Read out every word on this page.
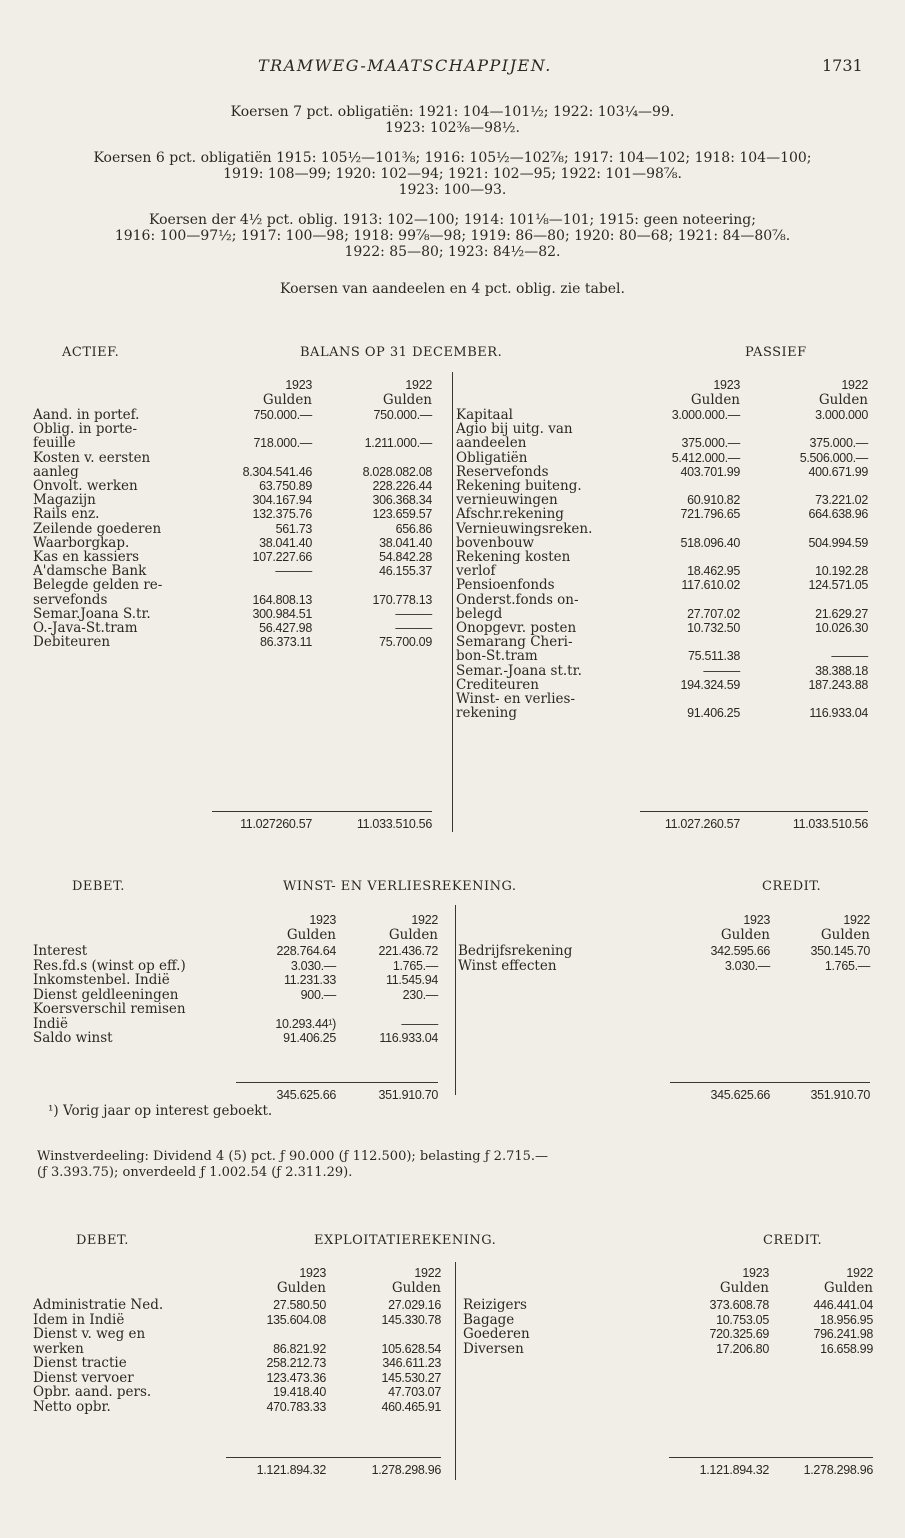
TRAMWEG-MAATSCHAPPIJEN.	1731
Koersen 7 pct. obligatiën: 1921: 104—101½; 1922: 103¼—99.
1923: 102⅜—98½.
Koersen 6 pct. obligatiën 1915: 105½—101⅜; 1916: 105½—102⅞; 1917: 104—102; 1918: 104—100;
1919: 108—99; 1920: 102—94; 1921: 102—95; 1922: 101—98⅞.
1923: 100—93.
Koersen der 4½ pct. oblig. 1913: 102—100; 1914: 101⅛—101; 1915: geen noteering;
1916: 100—97½; 1917: 100—98; 1918: 99⅞—98; 1919: 86—80; 1920: 80—68; 1921: 84—80⅞.
1922: 85—80; 1923: 84½—82.
Koersen van aandeelen en 4 pct. oblig. zie tabel.
ACTIEF.	BALANS OP 31 DECEMBER.	PASSIEF
1923	1922
Gulden	Gulden
1923	1922
Gulden	Gulden
Aand. in portef.	750.000.—	750.000.—
Oblig. in porte-
feuille	718.000.—	1.211.000.—
Kosten v. eersten
aanleg	8.304.541.46	8.028.082.08
Onvolt. werken	63.750.89	228.226.44
Magazijn	304.167.94	306.368.34
Rails enz.	132.375.76	123.659.57
Zeilende goederen	561.73	656.86
Waarborgkap.	38.041.40	38.041.40
Kas en kassiers	107.227.66	54.842.28
A'damsche Bank	———	46.155.37
Belegde gelden re-
servefonds	164.808.13	170.778.13
Semar.Joana S.tr.	300.984.51	———
O.-Java-St.tram	56.427.98	———
Debiteuren	86.373.11	75.700.09
Kapitaal	3.000.000.—	3.000.000
Agio bij uitg. van
aandeelen	375.000.—	375.000.—
Obligatiën	5.412.000.—	5.506.000.—
Reservefonds	403.701.99	400.671.99
Rekening buiteng.
vernieuwingen	60.910.82	73.221.02
Afschr.rekening	721.796.65	664.638.96
Vernieuwingsreken.
bovenbouw	518.096.40	504.994.59
Rekening kosten
verlof	18.462.95	10.192.28
Pensioenfonds	117.610.02	124.571.05
Onderst.fonds on-
belegd	27.707.02	21.629.27
Onopgevr. posten	10.732.50	10.026.30
Semarang Cheri-
bon-St.tram	75.511.38	———
Semar.-Joana st.tr.	———	38.388.18
Crediteuren	194.324.59	187.243.88
Winst- en verlies-
rekening	91.406.25	116.933.04
11.027260.57	11.033.510.56	11.027.260.57	11.033.510.56
DEBET.	WINST- EN VERLIESREKENING.	CREDIT.
¹) Vorig jaar op interest geboekt.
Winstverdeeling: Dividend 4 (5) pct. ƒ 90.000 (ƒ 112.500); belasting ƒ 2.715.—
(ƒ 3.393.75); onverdeeld ƒ 1.002.54 (ƒ 2.311.29).
1923	1922
Gulden	Gulden
1923	1922
Gulden	Gulden
Interest	228.764.64	221.436.72
Res.fd.s (winst op eff.)	3.030.—	1.765.—
Inkomstenbel. Indië	11.231.33	11.545.94
Dienst geldleeningen	900.—	230.—
Koersverschil remisen
Indië	10.293.44¹)	———
Saldo winst	91.406.25	116.933.04
Bedrijfsrekening	342.595.66	350.145.70
Winst effecten	3.030.—	1.765.—
345.625.66	351.910.70	345.625.66	351.910.70
DEBET.	EXPLOITATIEREKENING.	CREDIT.
1923	1922
Gulden	Gulden
1923	1922
Gulden	Gulden
Administratie Ned.	27.580.50	27.029.16
Idem in Indië	135.604.08	145.330.78
Dienst v. weg en
werken	86.821.92	105.628.54
Dienst tractie	258.212.73	346.611.23
Dienst vervoer	123.473.36	145.530.27
Opbr. aand. pers.	19.418.40	47.703.07
Netto opbr.	470.783.33	460.465.91
Reizigers	373.608.78	446.441.04
Bagage	10.753.05	18.956.95
Goederen	720.325.69	796.241.98
Diversen	17.206.80	16.658.99
1.121.894.32	1.278.298.96	1.121.894.32	1.278.298.96
